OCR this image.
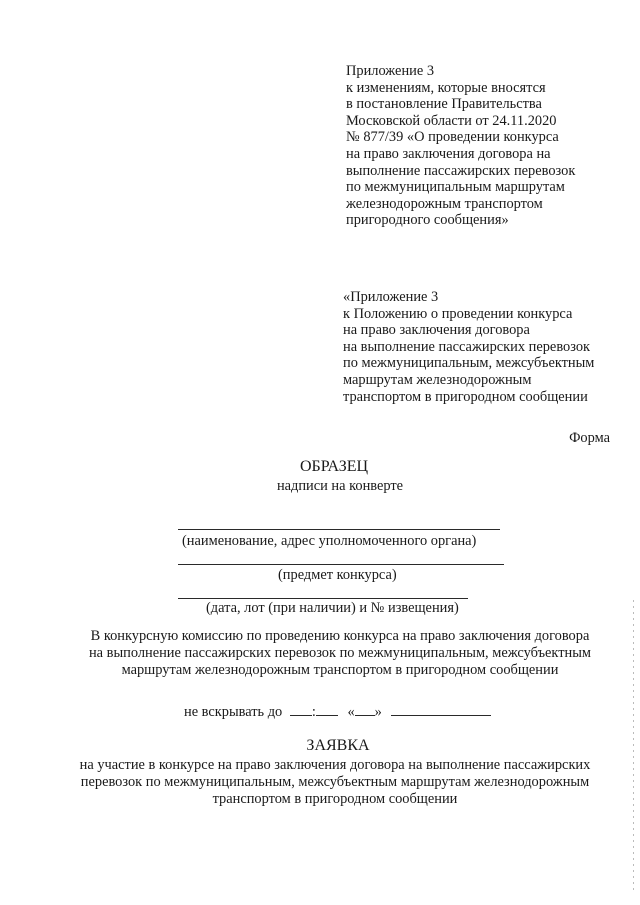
Приложение 3
к изменениям, которые вносятся
в постановление Правительства
Московской области от 24.11.2020
№ 877/39 «О проведении конкурса
на право заключения договора на
выполнение пассажирских перевозок
по межмуниципальным маршрутам
железнодорожным транспортом
пригородного сообщения»
«Приложение 3
к Положению о проведении конкурса
на право заключения договора
на выполнение пассажирских перевозок
по межмуниципальным, межсубъектным
маршрутам железнодорожным
транспортом в пригородном сообщении
Форма
ОБРАЗЕЦ
надписи на конверте
(наименование, адрес уполномоченного органа)
(предмет конкурса)
(дата, лот (при наличии) и № извещения)
В конкурсную комиссию по проведению конкурса на право заключения договора
на выполнение пассажирских перевозок по межмуниципальным, межсубъектным
маршрутам железнодорожным транспортом в пригородном сообщении
не вскрывать до : « »
ЗАЯВКА
на участие в конкурсе на право заключения договора на выполнение пассажирских
перевозок по межмуниципальным, межсубъектным маршрутам железнодорожным
транспортом в пригородном сообщении
